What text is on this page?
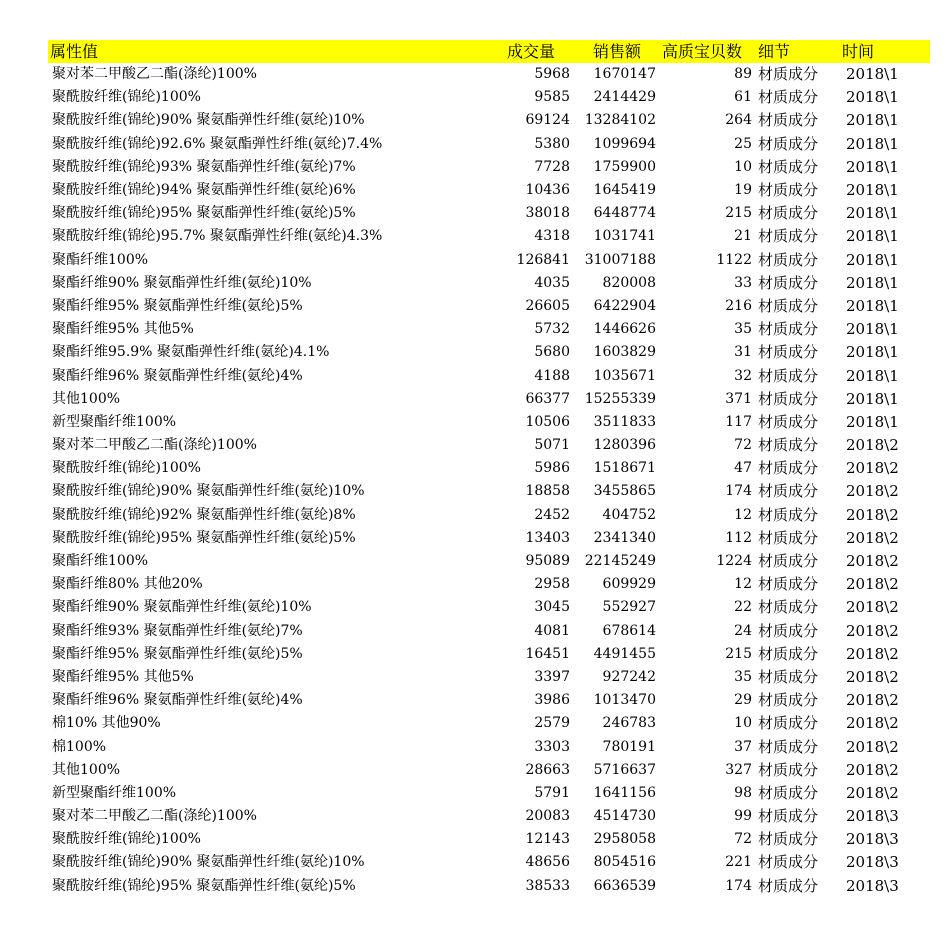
属性值	成交量	销售额	高质宝贝数	细节	时间
聚对苯二甲酸乙二酯(涤纶)100%	5968	1670147	89	材质成分	2018\1
聚酰胺纤维(锦纶)100%	9585	2414429	61	材质成分	2018\1
聚酰胺纤维(锦纶)90% 聚氨酯弹性纤维(氨纶)10%	69124	13284102	264	材质成分	2018\1
聚酰胺纤维(锦纶)92.6% 聚氨酯弹性纤维(氨纶)7.4%	5380	1099694	25	材质成分	2018\1
聚酰胺纤维(锦纶)93% 聚氨酯弹性纤维(氨纶)7%	7728	1759900	10	材质成分	2018\1
聚酰胺纤维(锦纶)94% 聚氨酯弹性纤维(氨纶)6%	10436	1645419	19	材质成分	2018\1
聚酰胺纤维(锦纶)95% 聚氨酯弹性纤维(氨纶)5%	38018	6448774	215	材质成分	2018\1
聚酰胺纤维(锦纶)95.7% 聚氨酯弹性纤维(氨纶)4.3%	4318	1031741	21	材质成分	2018\1
聚酯纤维100%	126841	31007188	1122	材质成分	2018\1
聚酯纤维90% 聚氨酯弹性纤维(氨纶)10%	4035	820008	33	材质成分	2018\1
聚酯纤维95% 聚氨酯弹性纤维(氨纶)5%	26605	6422904	216	材质成分	2018\1
聚酯纤维95% 其他5%	5732	1446626	35	材质成分	2018\1
聚酯纤维95.9% 聚氨酯弹性纤维(氨纶)4.1%	5680	1603829	31	材质成分	2018\1
聚酯纤维96% 聚氨酯弹性纤维(氨纶)4%	4188	1035671	32	材质成分	2018\1
其他100%	66377	15255339	371	材质成分	2018\1
新型聚酯纤维100%	10506	3511833	117	材质成分	2018\1
聚对苯二甲酸乙二酯(涤纶)100%	5071	1280396	72	材质成分	2018\2
聚酰胺纤维(锦纶)100%	5986	1518671	47	材质成分	2018\2
聚酰胺纤维(锦纶)90% 聚氨酯弹性纤维(氨纶)10%	18858	3455865	174	材质成分	2018\2
聚酰胺纤维(锦纶)92% 聚氨酯弹性纤维(氨纶)8%	2452	404752	12	材质成分	2018\2
聚酰胺纤维(锦纶)95% 聚氨酯弹性纤维(氨纶)5%	13403	2341340	112	材质成分	2018\2
聚酯纤维100%	95089	22145249	1224	材质成分	2018\2
聚酯纤维80% 其他20%	2958	609929	12	材质成分	2018\2
聚酯纤维90% 聚氨酯弹性纤维(氨纶)10%	3045	552927	22	材质成分	2018\2
聚酯纤维93% 聚氨酯弹性纤维(氨纶)7%	4081	678614	24	材质成分	2018\2
聚酯纤维95% 聚氨酯弹性纤维(氨纶)5%	16451	4491455	215	材质成分	2018\2
聚酯纤维95% 其他5%	3397	927242	35	材质成分	2018\2
聚酯纤维96% 聚氨酯弹性纤维(氨纶)4%	3986	1013470	29	材质成分	2018\2
棉10% 其他90%	2579	246783	10	材质成分	2018\2
棉100%	3303	780191	37	材质成分	2018\2
其他100%	28663	5716637	327	材质成分	2018\2
新型聚酯纤维100%	5791	1641156	98	材质成分	2018\2
聚对苯二甲酸乙二酯(涤纶)100%	20083	4514730	99	材质成分	2018\3
聚酰胺纤维(锦纶)100%	12143	2958058	72	材质成分	2018\3
聚酰胺纤维(锦纶)90% 聚氨酯弹性纤维(氨纶)10%	48656	8054516	221	材质成分	2018\3
聚酰胺纤维(锦纶)95% 聚氨酯弹性纤维(氨纶)5%	38533	6636539	174	材质成分	2018\3
